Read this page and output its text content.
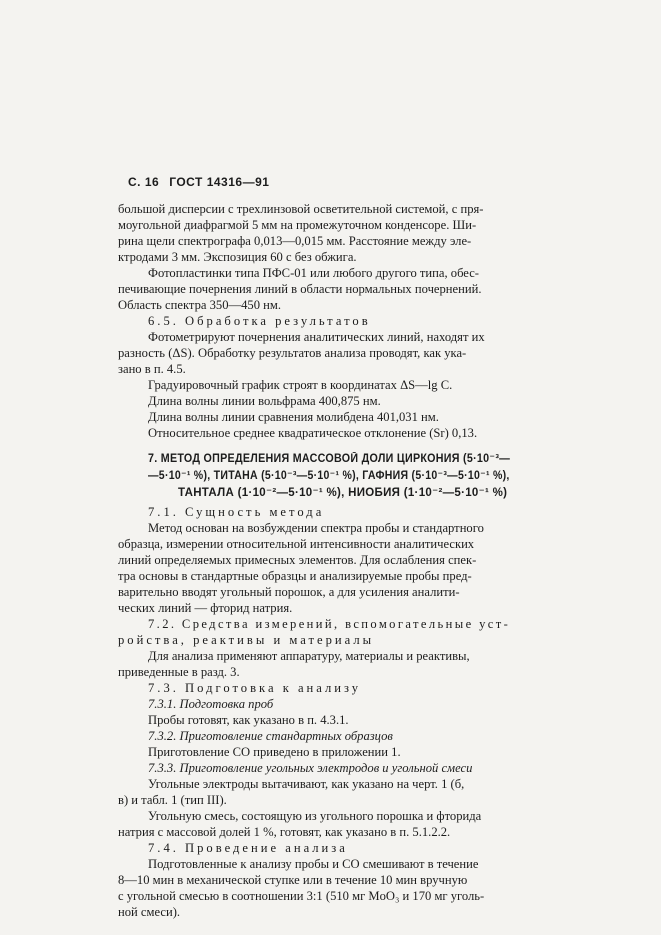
С. 16 ГОСТ 14316—91
большой дисперсии с трехлинзовой осветительной системой, с пря-
моугольной диафрагмой 5 мм на промежуточном конденсоре. Ши-
рина щели спектрографа 0,013—0,015 мм. Расстояние между эле-
ктродами 3 мм. Экспозиция 60 с без обжига.
Фотопластинки типа ПФС-01 или любого другого типа, обес-
печивающие почернения линий в области нормальных почернений.
Область спектра 350—450 нм.
6.5. Обработка результатов
Фотометрируют почернения аналитических линий, находят их
разность (ΔS). Обработку результатов анализа проводят, как ука-
зано в п. 4.5.
Градуировочный график строят в координатах ΔS—lg C.
Длина волны линии вольфрама 400,875 нм.
Длина волны линии сравнения молибдена 401,031 нм.
Относительное среднее квадратическое отклонение (Sr) 0,13.
7. МЕТОД ОПРЕДЕЛЕНИЯ МАССОВОЙ ДОЛИ ЦИРКОНИЯ (5·10⁻³—
—5·10⁻¹ %), ТИТАНА (5·10⁻³—5·10⁻¹ %), ГАФНИЯ (5·10⁻³—5·10⁻¹ %),
ТАНТАЛА (1·10⁻²—5·10⁻¹ %), НИОБИЯ (1·10⁻²—5·10⁻¹ %)
7.1. Сущность метода
Метод основан на возбуждении спектра пробы и стандартного
образца, измерении относительной интенсивности аналитических
линий определяемых примесных элементов. Для ослабления спек-
тра основы в стандартные образцы и анализируемые пробы пред-
варительно вводят угольный порошок, а для усиления аналити-
ческих линий — фторид натрия.
7.2. Средства измерений, вспомогательные уст-
ройства, реактивы и материалы
Для анализа применяют аппаратуру, материалы и реактивы,
приведенные в разд. 3.
7.3. Подготовка к анализу
7.3.1. Подготовка проб
Пробы готовят, как указано в п. 4.3.1.
7.3.2. Приготовление стандартных образцов
Приготовление СО приведено в приложении 1.
7.3.3. Приготовление угольных электродов и угольной смеси
Угольные электроды вытачивают, как указано на черт. 1 (б,
в) и табл. 1 (тип III).
Угольную смесь, состоящую из угольного порошка и фторида
натрия с массовой долей 1 %, готовят, как указано в п. 5.1.2.2.
7.4. Проведение анализа
Подготовленные к анализу пробы и СО смешивают в течение
8—10 мин в механической ступке или в течение 10 мин вручную
с угольной смесью в соотношении 3:1 (510 мг MoO₃ и 170 мг уголь-
ной смеси).
